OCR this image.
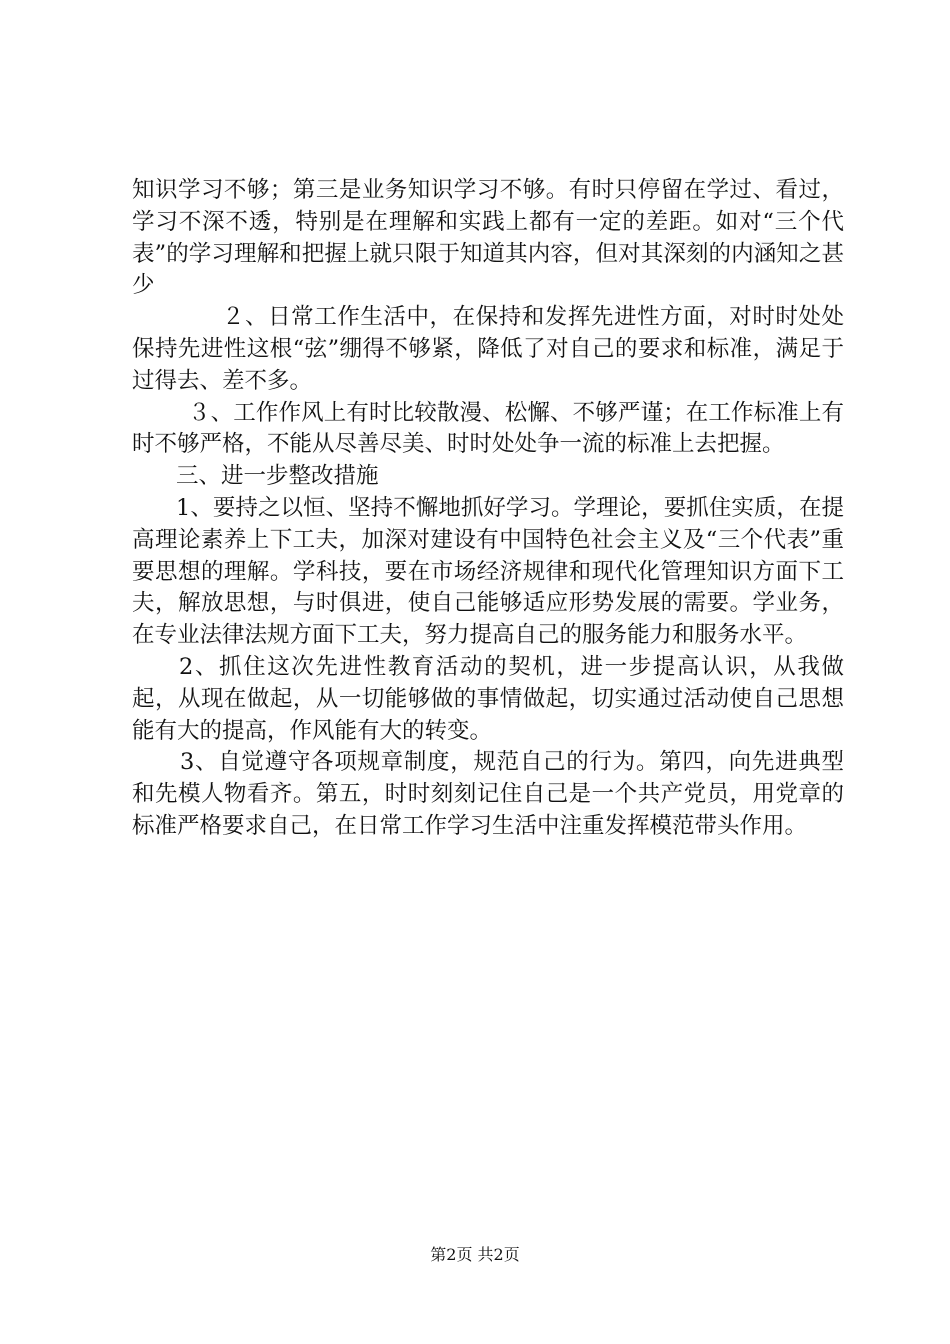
知识学习不够；第三是业务知识学习不够。有时只停留在学过、看过，学习不深不透，特别是在理解和实践上都有一定的差距。如对“三个代表”的学习理解和把握上就只限于知道其内容，但对其深刻的内涵知之甚少

２、日常工作生活中，在保持和发挥先进性方面，对时时处处保持先进性这根“弦”绷得不够紧，降低了对自己的要求和标准，满足于过得去、差不多。

３、工作作风上有时比较散漫、松懈、不够严谨；在工作标准上有时不够严格，不能从尽善尽美、时时处处争一流的标准上去把握。

三、进一步整改措施

1、要持之以恒、坚持不懈地抓好学习。学理论，要抓住实质，在提高理论素养上下工夫，加深对建设有中国特色社会主义及“三个代表”重要思想的理解。学科技，要在市场经济规律和现代化管理知识方面下工夫，解放思想，与时俱进，使自己能够适应形势发展的需要。学业务，在专业法律法规方面下工夫，努力提高自己的服务能力和服务水平。

2、抓住这次先进性教育活动的契机，进一步提高认识，从我做起，从现在做起，从一切能够做的事情做起，切实通过活动使自己思想能有大的提高，作风能有大的转变。

3、自觉遵守各项规章制度，规范自己的行为。第四，向先进典型和先模人物看齐。第五，时时刻刻记住自己是一个共产党员，用党章的标准严格要求自己，在日常工作学习生活中注重发挥模范带头作用。

第2页 共2页
